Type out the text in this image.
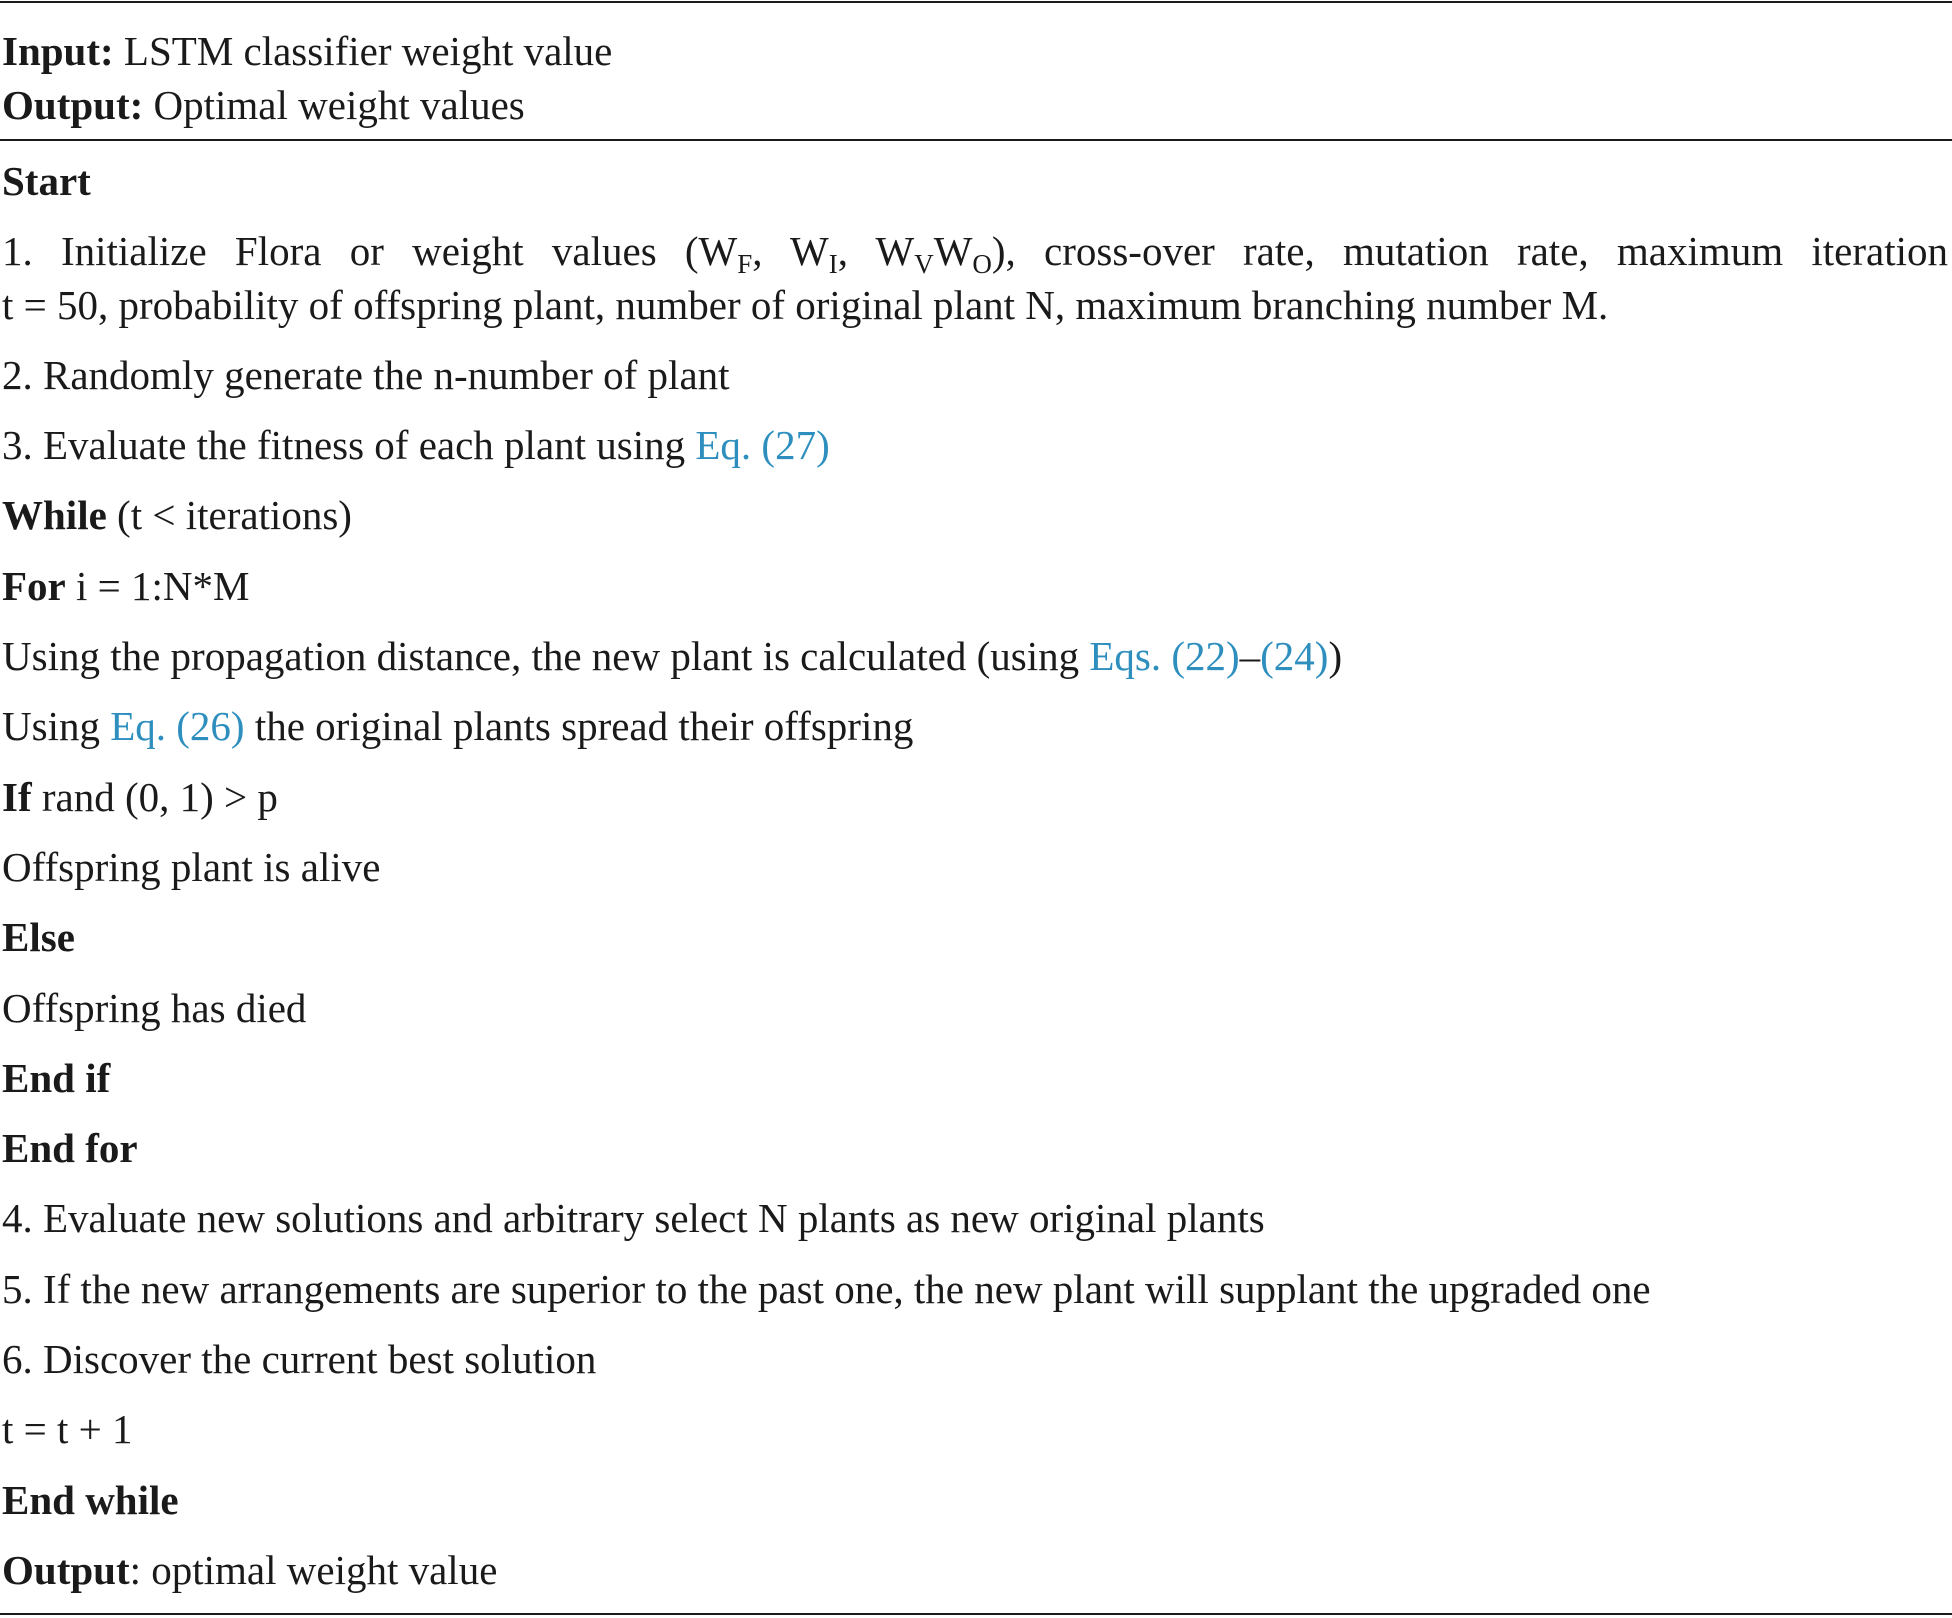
Input: LSTM classifier weight value
Output: Optimal weight values
Start
1. Initialize Flora or weight values ($W_F$, $W_I$, $W_VW_O$), cross-over rate, mutation rate, maximum iteration
t = 50, probability of offspring plant, number of original plant N, maximum branching number M.
2. Randomly generate the n-number of plant
3. Evaluate the fitness of each plant using Eq. (27)
While (t < iterations)
For i = 1:N*M
Using the propagation distance, the new plant is calculated (using Eqs. (22)–(24))
Using Eq. (26) the original plants spread their offspring
If rand (0, 1) > p
Offspring plant is alive
Else
Offspring has died
End if
End for
4. Evaluate new solutions and arbitrary select N plants as new original plants
5. If the new arrangements are superior to the past one, the new plant will supplant the upgraded one
6. Discover the current best solution
t = t + 1
End while
Output: optimal weight value
